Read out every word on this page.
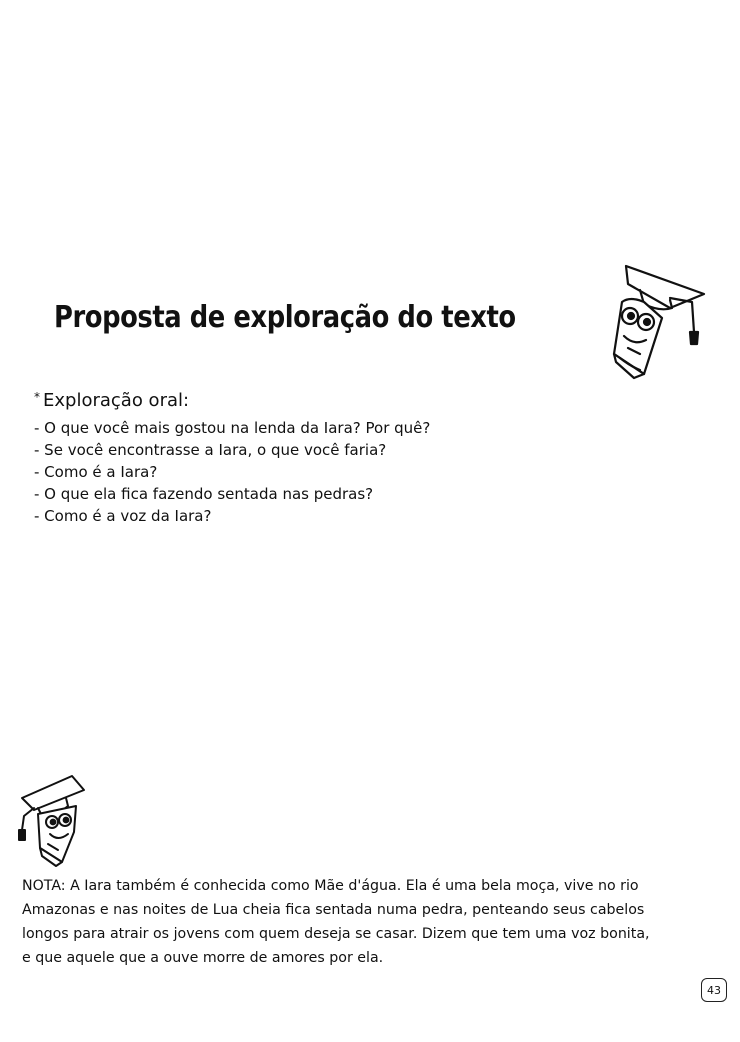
Proposta de exploração do texto
* Exploração oral:
- O que você mais gostou na lenda da Iara? Por quê?
- Se você encontrasse a Iara, o que você faria?
- Como é a Iara?
- O que ela fica fazendo sentada nas pedras?
- Como é a voz da Iara?

NOTA: A Iara também é conhecida como Mãe d'água. Ela é uma bela moça, vive no rio
Amazonas e nas noites de Lua cheia fica sentada numa pedra, penteando seus cabelos
longos para atrair os jovens com quem deseja se casar. Dizem que tem uma voz bonita,
e que aquele que a ouve morre de amores por ela.

43
